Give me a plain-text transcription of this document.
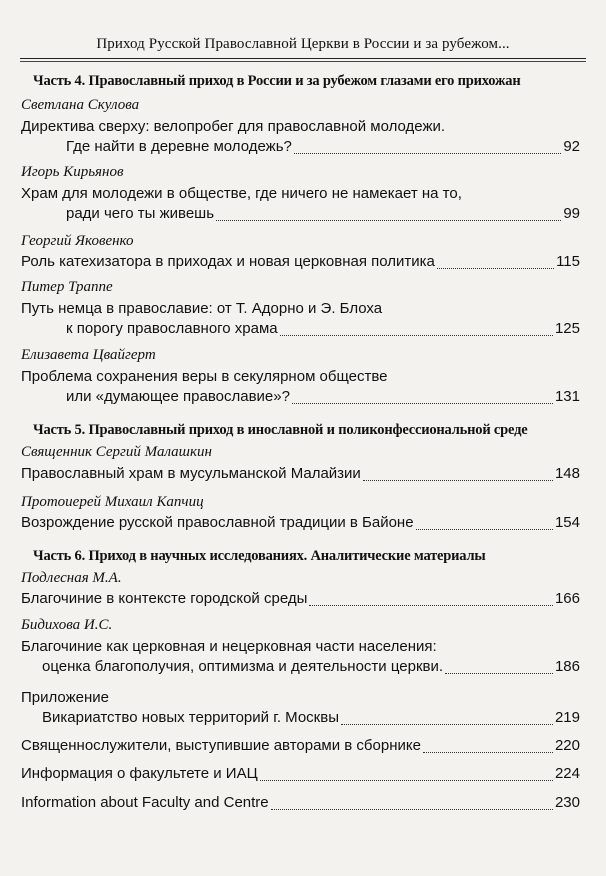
Приход Русской Православной Церкви в России и за рубежом...
Часть 4. Православный приход в России и за рубежом глазами его прихожан
Светлана Скулова
Директива сверху: велопробег для православной молодежи.
Где найти в деревне молодежь?	92
Игорь Кирьянов
Храм для молодежи в обществе, где ничего не намекает на то,
ради чего ты живешь	99
Георгий Яковенко
Роль катехизатора в приходах и новая церковная политика	115
Питер Траппе
Путь немца в православие: от Т. Адорно и Э. Блоха
к порогу православного храма	125
Елизавета Цвайгерт
Проблема сохранения веры в секулярном обществе
или «думающее православие»?	131
Часть 5. Православный приход в инославной и поликонфессиональной среде
Священник Сергий Малашкин
Православный храм в мусульманской Малайзии	148
Протоиерей Михаил Капчиц
Возрождение русской православной традиции в Байоне	154
Часть 6. Приход в научных исследованиях. Аналитические материалы
Подлесная М.А.
Благочиние в контексте городской среды	166
Бидихова И.С.
Благочиние как церковная и нецерковная части населения:
оценка благополучия, оптимизма и деятельности церкви.	186
Приложение
Викариатство новых территорий г. Москвы	219
Священнослужители, выступившие авторами в сборнике	220
Информация о факультете и ИАЦ	224
Information about Faculty and Centre	230
